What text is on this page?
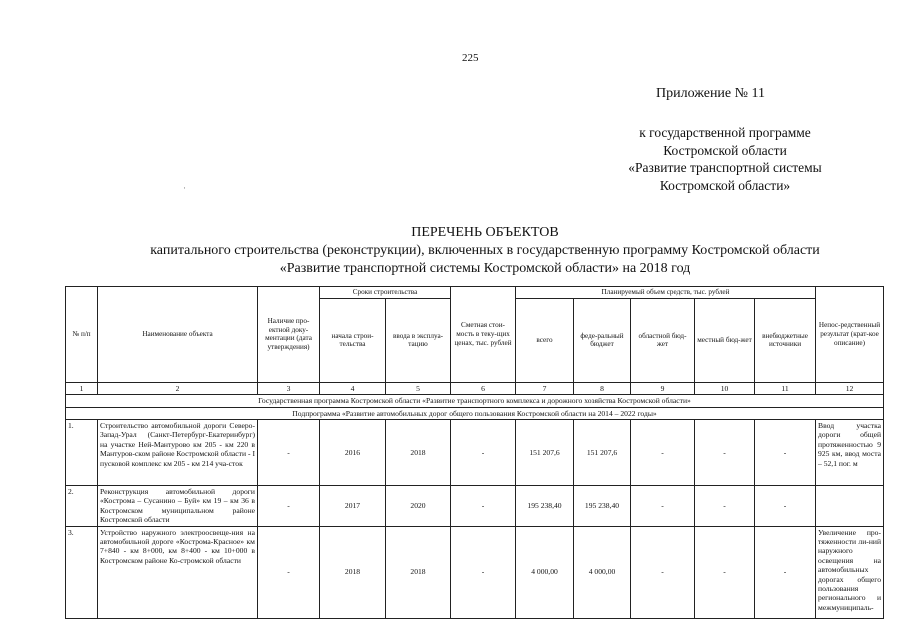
225
Приложение № 11
к государственной программе
Костромской области
«Развитие транспортной системы
Костромской области»
·
ПЕРЕЧЕНЬ ОБЪЕКТОВ
капитального строительства (реконструкции), включенных в государственную программу Костромской области
«Развитие транспортной системы Костромской области» на 2018 год
№ п/п	Наименование объекта	Наличие про-ектной доку-ментации (дата утверждения)	Сроки строительства		Сметная стои-мость в теку-щих ценах, тыс. рублей	Планируемый объем средств, тыс. рублей					Непос-редственный результат (крат-кое описание)
			начала строи-тельства	ввода в эксплуа-тацию		всего	феде-ральный бюджет	областной бюд-жет	местный бюд-жет	внебюджетные источники	
1	2	3	4	5	6	7	8	9	10	11	12
Государственная программа Костромской области «Развитие транспортного комплекса и дорожного хозяйства Костромской области»											
Подпрограмма «Развитие автомобильных дорог общего пользования Костромской области на 2014 – 2022 годы»											
1.	Строительство автомобильной дороги Северо-Запад-Урал (Санкт-Петербург-Екатеринбург) на участке Ней-Мантурово км 205 - км 220 в Мантуров-ском районе Костромской области - I пусковой комплекс км 205 - км 214 уча-сток	-	2016	2018	-	151 207,6	151 207,6	-	-	-	Ввод участка дороги общей протяженностью 9 925 км, ввод моста – 52,1 пог. м
2.	Реконструкция автомобильной дороги «Кострома – Сусанино – Буй» км 19 – км 36 в Костромском муниципальном районе Костромской области	-	2017	2020	-	195 238,40	195 238,40	-	-	-	
3.	Устройство наружного электроосвеще-ния на автомобильной дороге «Кострома-Красное» км 7+840 - км 8+000, км 8+400 - км 10+000 в Костромском районе Ко-стромской области	-	2018	2018	-	4 000,00	4 000,00	-	-	-	Увеличение про-тяженности ли-ний наружного освещения на автомобильных дорогах общего пользования регионального и межмуниципаль-
